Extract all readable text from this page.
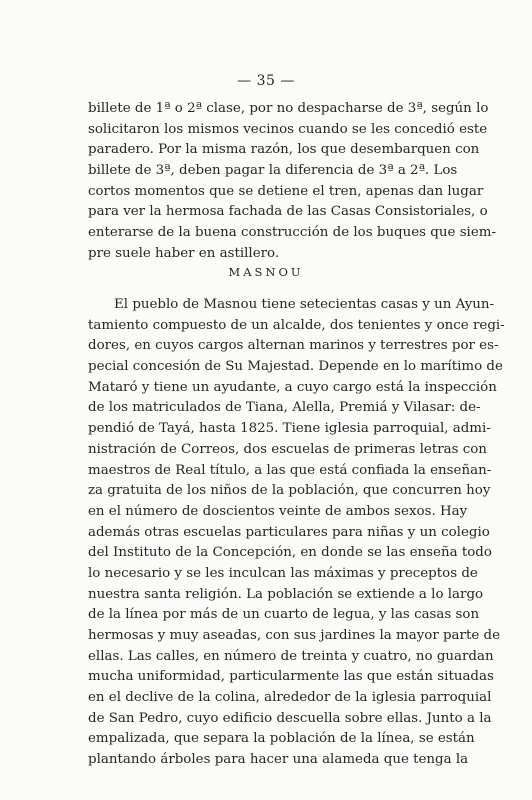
— 35 —
billete de 1ª o 2ª clase, por no despacharse de 3ª, según lo
solicitaron los mismos vecinos cuando se les concedió este
paradero. Por la misma razón, los que desembarquen con
billete de 3ª, deben pagar la diferencia de 3ª a 2ª. Los
cortos momentos que se detiene el tren, apenas dan lugar
para ver la hermosa fachada de las Casas Consistoriales, o
enterarse de la buena construcción de los buques que siem-
pre suele haber en astillero.
MASNOU
El pueblo de Masnou tiene setecientas casas y un Ayun-
tamiento compuesto de un alcalde, dos tenientes y once regi-
dores, en cuyos cargos alternan marinos y terrestres por es-
pecial concesión de Su Majestad. Depende en lo marítimo de
Mataró y tiene un ayudante, a cuyo cargo está la inspección
de los matriculados de Tiana, Alella, Premiá y Vilasar: de-
pendió de Tayá, hasta 1825. Tiene iglesia parroquial, admi-
nistración de Correos, dos escuelas de primeras letras con
maestros de Real título, a las que está confiada la enseñan-
za gratuita de los niños de la población, que concurren hoy
en el número de doscientos veinte de ambos sexos. Hay
además otras escuelas particulares para niñas y un colegio
del Instituto de la Concepción, en donde se las enseña todo
lo necesario y se les inculcan las máximas y preceptos de
nuestra santa religión. La población se extiende a lo largo
de la línea por más de un cuarto de legua, y las casas son
hermosas y muy aseadas, con sus jardines la mayor parte de
ellas. Las calles, en número de treinta y cuatro, no guardan
mucha uniformidad, particularmente las que están situadas
en el declive de la colina, alrededor de la iglesia parroquial
de San Pedro, cuyo edificio descuella sobre ellas. Junto a la
empalizada, que separa la población de la línea, se están
plantando árboles para hacer una alameda que tenga la
